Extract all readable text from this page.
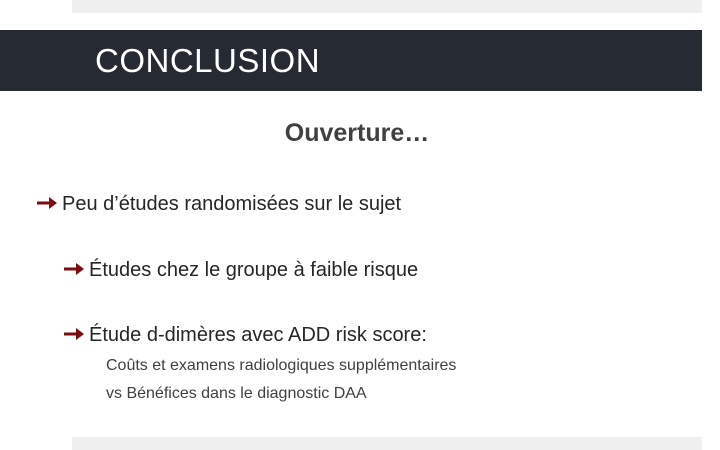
CONCLUSION
Ouverture…
Peu d’études randomisées sur le sujet
Études chez le groupe à faible risque
Étude d-dimères avec ADD risk score:
Coûts et examens radiologiques supplémentaires
vs Bénéfices dans le diagnostic DAA
